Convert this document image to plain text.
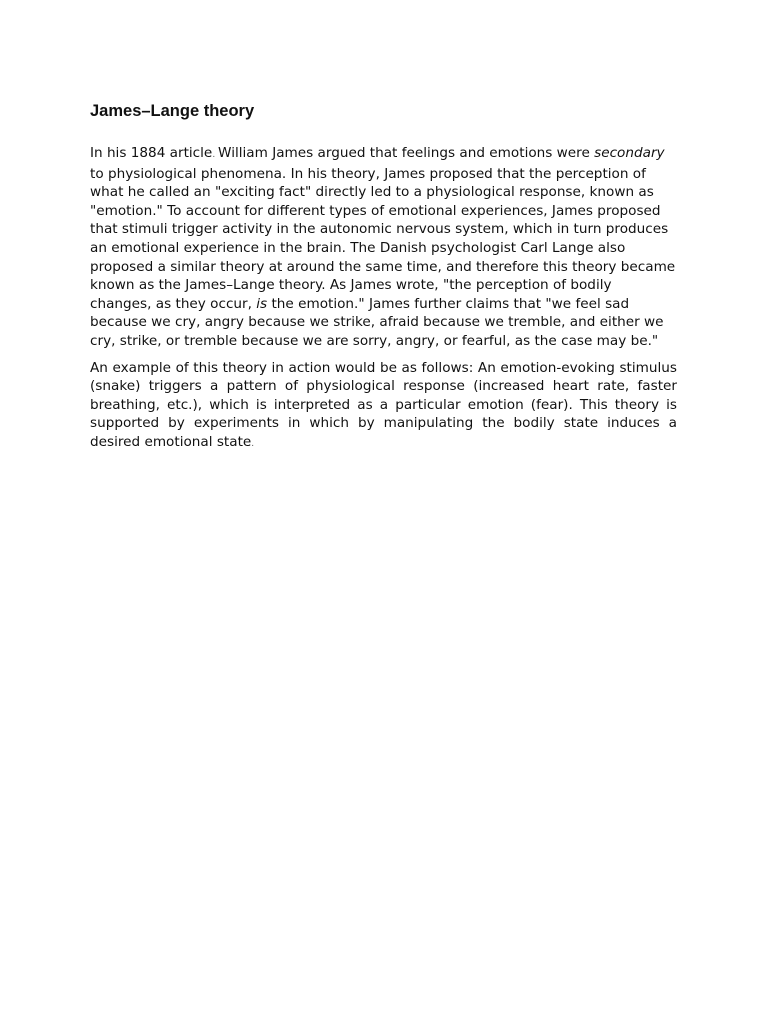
James–Lange theory

In his 1884 article. William James argued that feelings and emotions were secondary to physiological phenomena. In his theory, James proposed that the perception of what he called an "exciting fact" directly led to a physiological response, known as "emotion." To account for different types of emotional experiences, James proposed that stimuli trigger activity in the autonomic nervous system, which in turn produces an emotional experience in the brain. The Danish psychologist Carl Lange also proposed a similar theory at around the same time, and therefore this theory became known as the James–Lange theory. As James wrote, "the perception of bodily changes, as they occur, is the emotion." James further claims that "we feel sad because we cry, angry because we strike, afraid because we tremble, and either we cry, strike, or tremble because we are sorry, angry, or fearful, as the case may be."

An example of this theory in action would be as follows: An emotion-evoking stimulus (snake) triggers a pattern of physiological response (increased heart rate, faster breathing, etc.), which is interpreted as a particular emotion (fear). This theory is supported by experiments in which by manipulating the bodily state induces a desired emotional state.
